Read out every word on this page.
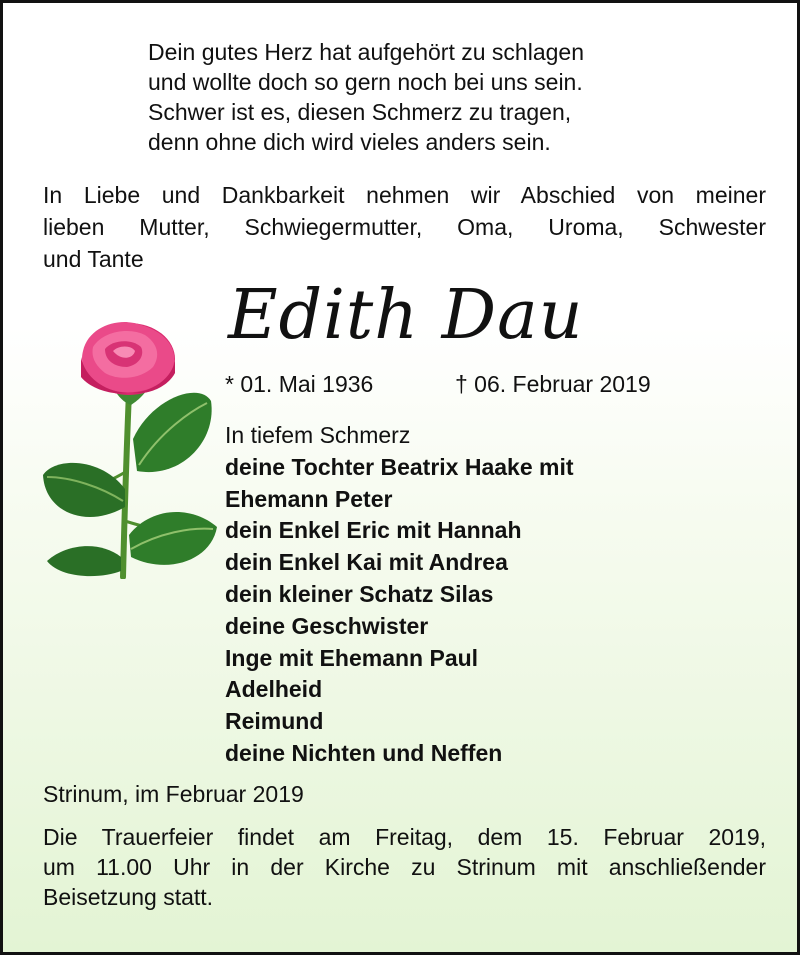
Dein gutes Herz hat aufgehört zu schlagen
und wollte doch so gern noch bei uns sein.
Schwer ist es, diesen Schmerz zu tragen,
denn ohne dich wird vieles anders sein.
In Liebe und Dankbarkeit nehmen wir Abschied von meiner
lieben Mutter, Schwiegermutter, Oma, Uroma, Schwester
und Tante
Edith Dau
* 01. Mai 1936	† 06. Februar 2019
In tiefem Schmerz
deine Tochter Beatrix Haake mit
Ehemann Peter
dein Enkel Eric mit Hannah
dein Enkel Kai mit Andrea
dein kleiner Schatz Silas
deine Geschwister
Inge mit Ehemann Paul
Adelheid
Reimund
deine Nichten und Neffen
Strinum, im Februar 2019
Die Trauerfeier findet am Freitag, dem 15. Februar 2019,
um 11.00 Uhr in der Kirche zu Strinum mit anschließender
Beisetzung statt.
